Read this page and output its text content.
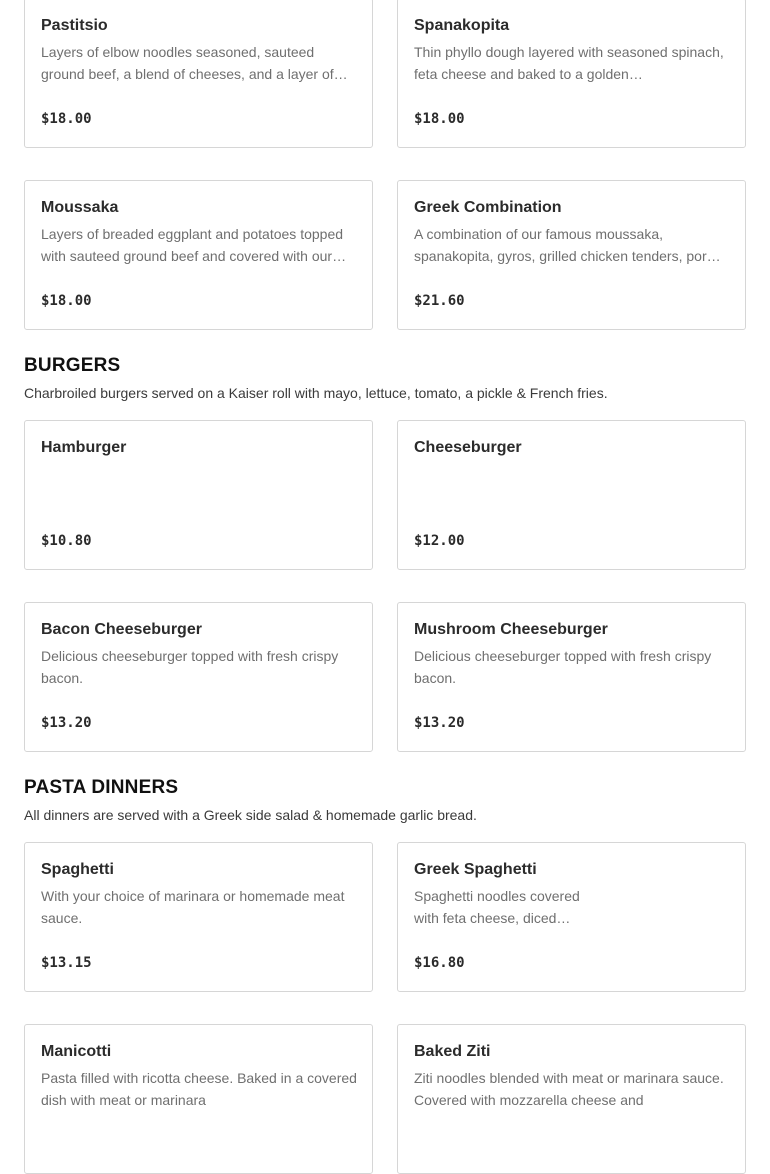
Pastitsio
Layers of elbow noodles seasoned, sauteed ground beef, a blend of cheeses, and a layer of…
$18.00
Spanakopita
Thin phyllo dough layered with seasoned spinach, feta cheese and baked to a golden…
$18.00
Moussaka
Layers of breaded eggplant and potatoes topped with sauteed ground beef and covered with our…
$18.00
Greek Combination
A combination of our famous moussaka, spanakopita, gyros, grilled chicken tenders, por…
$21.60
BURGERS

Charbroiled burgers served on a Kaiser roll with mayo, lettuce, tomato, a pickle & French fries.

Hamburger
$10.80
Cheeseburger
$12.00
Bacon Cheeseburger
Delicious cheeseburger topped with fresh crispy bacon.
$13.20
Mushroom Cheeseburger
Delicious cheeseburger topped with fresh crispy bacon.
$13.20
PASTA DINNERS

All dinners are served with a Greek side salad & homemade garlic bread.

Spaghetti
With your choice of marinara or homemade meat sauce.
$13.15
Greek Spaghetti
Spaghetti noodles covered with feta cheese, diced…
$16.80
Manicotti
Pasta filled with ricotta cheese. Baked in a covered dish with meat or marinara
Baked Ziti
Ziti noodles blended with meat or marinara sauce. Covered with mozzarella cheese and
